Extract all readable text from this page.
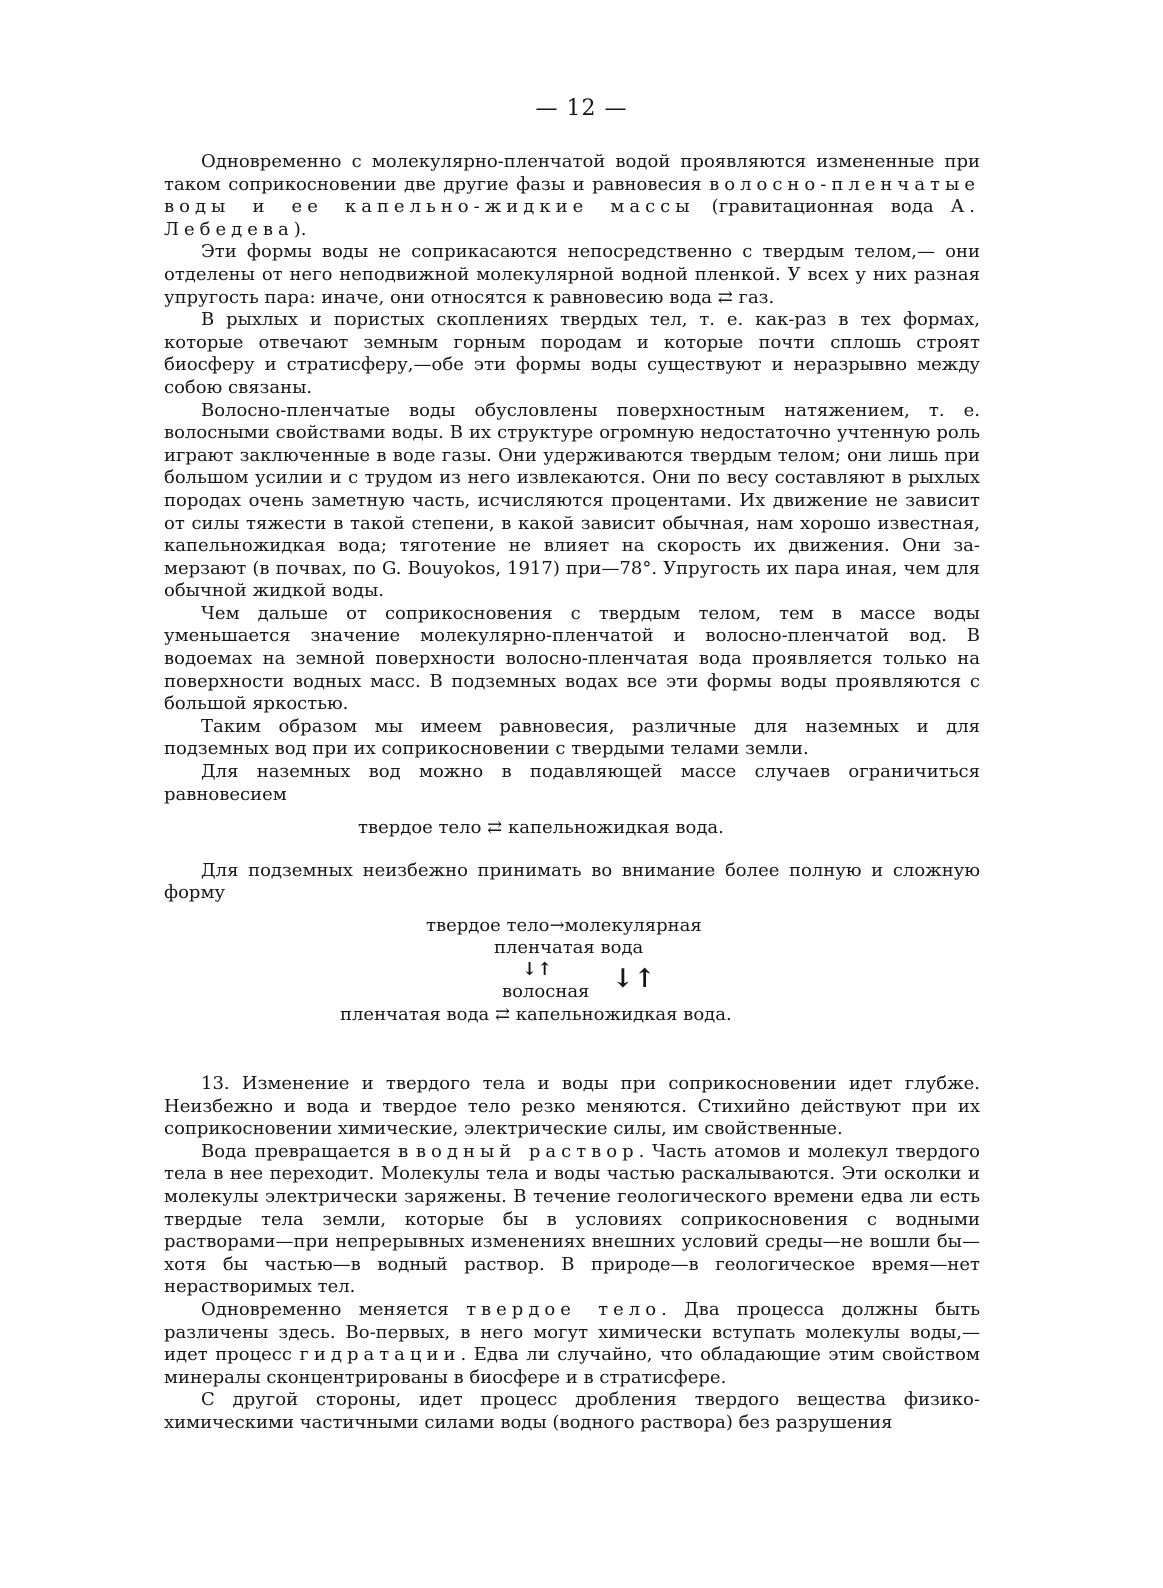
— 12 —

Одновременно с молекулярно-пленчатой водой проявляются измененные при таком соприкосновении две другие фазы и равновесия волосно-пленчатые воды и ее капельно-жидкие массы (гравитационная вода А. Лебедева).

Эти формы воды не соприкасаются непосредственно с твердым телом,— они отделены от него неподвижной молекулярной водной пленкой. У всех у них разная упругость пара: иначе, они относятся к равновесию вода ⇄ газ.

В рыхлых и пористых скоплениях твердых тел, т. е. как-раз в тех формах, которые отвечают земным горным породам и которые почти сплошь строят биосферу и стратисферу,—обе эти формы воды существуют и неразрывно между собою связаны.

Волосно-пленчатые воды обусловлены поверхностным натяжением, т. е. волосными свойствами воды. В их структуре огромную недостаточно учтенную роль играют заключенные в воде газы. Они удерживаются твердым телом; они лишь при большом усилии и с трудом из него извлекаются. Они по весу составляют в рыхлых породах очень заметную часть, исчисляются процентами. Их движение не зависит от силы тяжести в такой степени, в какой зависит обычная, нам хорошо известная, капельножидкая вода; тяготение не влияет на скорость их движения. Они замерзают (в почвах, по G. Bouyokos, 1917) при—78°. Упругость их пара иная, чем для обычной жидкой воды.

Чем дальше от соприкосновения с твердым телом, тем в массе воды уменьшается значение молекулярно-пленчатой и волосно-пленчатой вод. В водоемах на земной поверхности волосно-пленчатая вода проявляется только на поверхности водных масс. В подземных водах все эти формы воды проявляются с большой яркостью.

Таким образом мы имеем равновесия, различные для наземных и для подземных вод при их соприкосновении с твердыми телами земли.

Для наземных вод можно в подавляющей массе случаев ограничиться равновесием

твердое тело ⇄ капельножидкая вода.

Для подземных неизбежно принимать во внимание более полную и сложную форму

твердое тело→молекулярная
пленчатая вода
↓↑ ↓↑
волосная
пленчатая вода ⇄ капельножидкая вода.

13. Изменение и твердого тела и воды при соприкосновении идет глубже. Неизбежно и вода и твердое тело резко меняются. Стихийно действуют при их соприкосновении химические, электрические силы, им свойственные.

Вода превращается в водный раствор. Часть атомов и молекул твердого тела в нее переходит. Молекулы тела и воды частью раскалываются. Эти осколки и молекулы электрически заряжены. В течение геологического времени едва ли есть твердые тела земли, которые бы в условиях соприкосновения с водными растворами—при непрерывных изменениях внешних условий среды—не вошли бы—хотя бы частью—в водный раствор. В природе—в геологическое время—нет нерастворимых тел.

Одновременно меняется твердое тело. Два процесса должны быть различены здесь. Во-первых, в него могут химически вступать молекулы воды,— идет процесс гидратации. Едва ли случайно, что обладающие этим свойством минералы сконцентрированы в биосфере и в стратисфере.

С другой стороны, идет процесс дробления твердого вещества физикохимическими частичными силами воды (водного раствора) без разрушения
